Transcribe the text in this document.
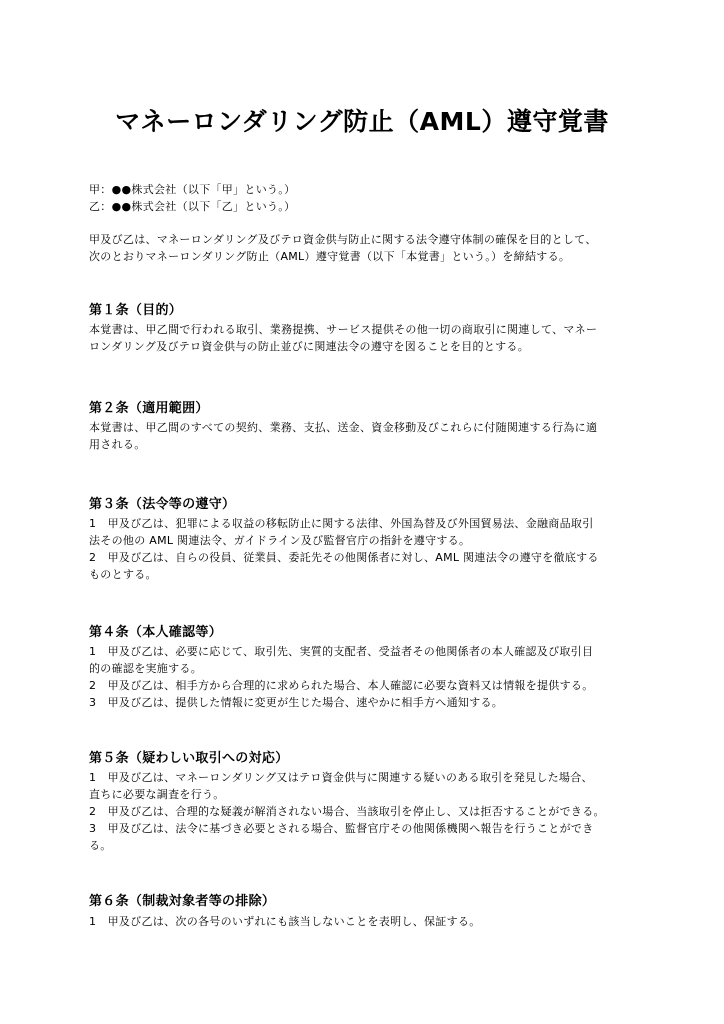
マネーロンダリング防止（AML）遵守覚書
甲：●●株式会社（以下「甲」という。）
乙：●●株式会社（以下「乙」という。）
甲及び乙は、マネーロンダリング及びテロ資金供与防止に関する法令遵守体制の確保を目的として、
次のとおりマネーロンダリング防止（AML）遵守覚書（以下「本覚書」という。）を締結する。
第１条（目的）
本覚書は、甲乙間で行われる取引、業務提携、サービス提供その他一切の商取引に関連して、マネー
ロンダリング及びテロ資金供与の防止並びに関連法令の遵守を図ることを目的とする。
第２条（適用範囲）
本覚書は、甲乙間のすべての契約、業務、支払、送金、資金移動及びこれらに付随関連する行為に適
用される。
第３条（法令等の遵守）
1　甲及び乙は、犯罪による収益の移転防止に関する法律、外国為替及び外国貿易法、金融商品取引
法その他の AML 関連法令、ガイドライン及び監督官庁の指針を遵守する。
2　甲及び乙は、自らの役員、従業員、委託先その他関係者に対し、AML 関連法令の遵守を徹底する
ものとする。
第４条（本人確認等）
1　甲及び乙は、必要に応じて、取引先、実質的支配者、受益者その他関係者の本人確認及び取引目
的の確認を実施する。
2　甲及び乙は、相手方から合理的に求められた場合、本人確認に必要な資料又は情報を提供する。
3　甲及び乙は、提供した情報に変更が生じた場合、速やかに相手方へ通知する。
第５条（疑わしい取引への対応）
1　甲及び乙は、マネーロンダリング又はテロ資金供与に関連する疑いのある取引を発見した場合、
直ちに必要な調査を行う。
2　甲及び乙は、合理的な疑義が解消されない場合、当該取引を停止し、又は拒否することができる。
3　甲及び乙は、法令に基づき必要とされる場合、監督官庁その他関係機関へ報告を行うことができ
る。
第６条（制裁対象者等の排除）
1　甲及び乙は、次の各号のいずれにも該当しないことを表明し、保証する。
